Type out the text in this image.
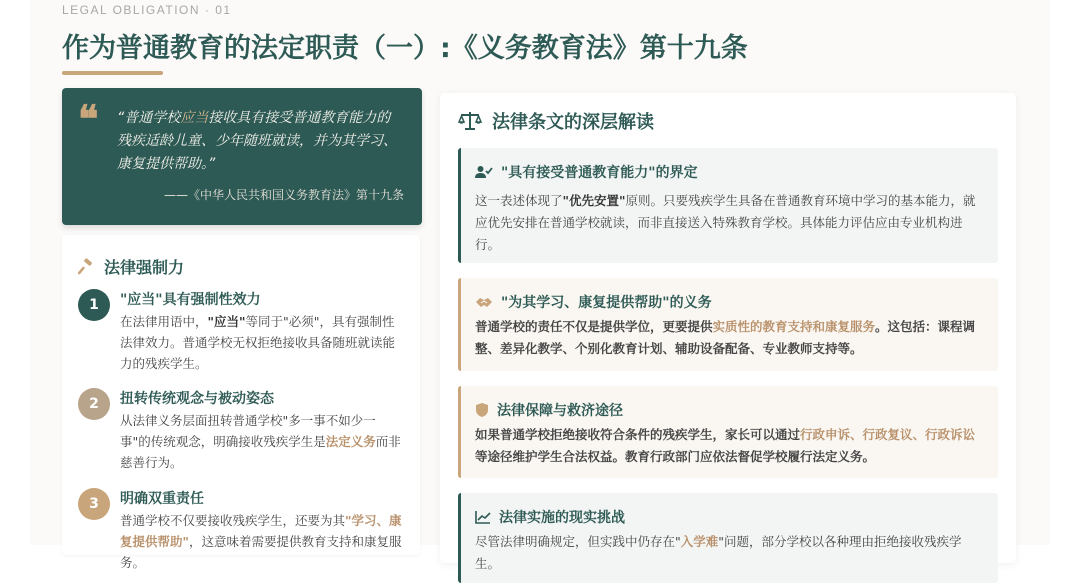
LEGAL OBLIGATION · 01
作为普通教育的法定职责（一）:《义务教育法》第十九条
❝ “普通学校应当接收具有接受普通教育能力的
残疾适龄儿童、少年随班就读，并为其学习、
康复提供帮助。”
——《中华人民共和国义务教育法》第十九条
法律强制力
1	"应当"具有强制性效力
在法律用语中，"应当"等同于"必须"，具有强制性法律效力。普通学校无权拒绝接收具备随班就读能力的残疾学生。
2	扭转传统观念与被动姿态
从法律义务层面扭转普通学校"多一事不如少一事"的传统观念，明确接收残疾学生是法定义务而非慈善行为。
3	明确双重责任
普通学校不仅要接收残疾学生，还要为其"学习、康复提供帮助"，这意味着需要提供教育支持和康复服务。
法律条文的深层解读
"具有接受普通教育能力"的界定
这一表述体现了"优先安置"原则。只要残疾学生具备在普通教育环境中学习的基本能力，就应优先安排在普通学校就读，而非直接送入特殊教育学校。具体能力评估应由专业机构进行。
"为其学习、康复提供帮助"的义务
普通学校的责任不仅是提供学位，更要提供实质性的教育支持和康复服务。这包括：课程调整、差异化教学、个别化教育计划、辅助设备配备、专业教师支持等。
法律保障与救济途径
如果普通学校拒绝接收符合条件的残疾学生，家长可以通过行政申诉、行政复议、行政诉讼等途径维护学生合法权益。教育行政部门应依法督促学校履行法定义务。
法律实施的现实挑战
尽管法律明确规定，但实践中仍存在"入学难"问题，部分学校以各种理由拒绝接收残疾学生。
